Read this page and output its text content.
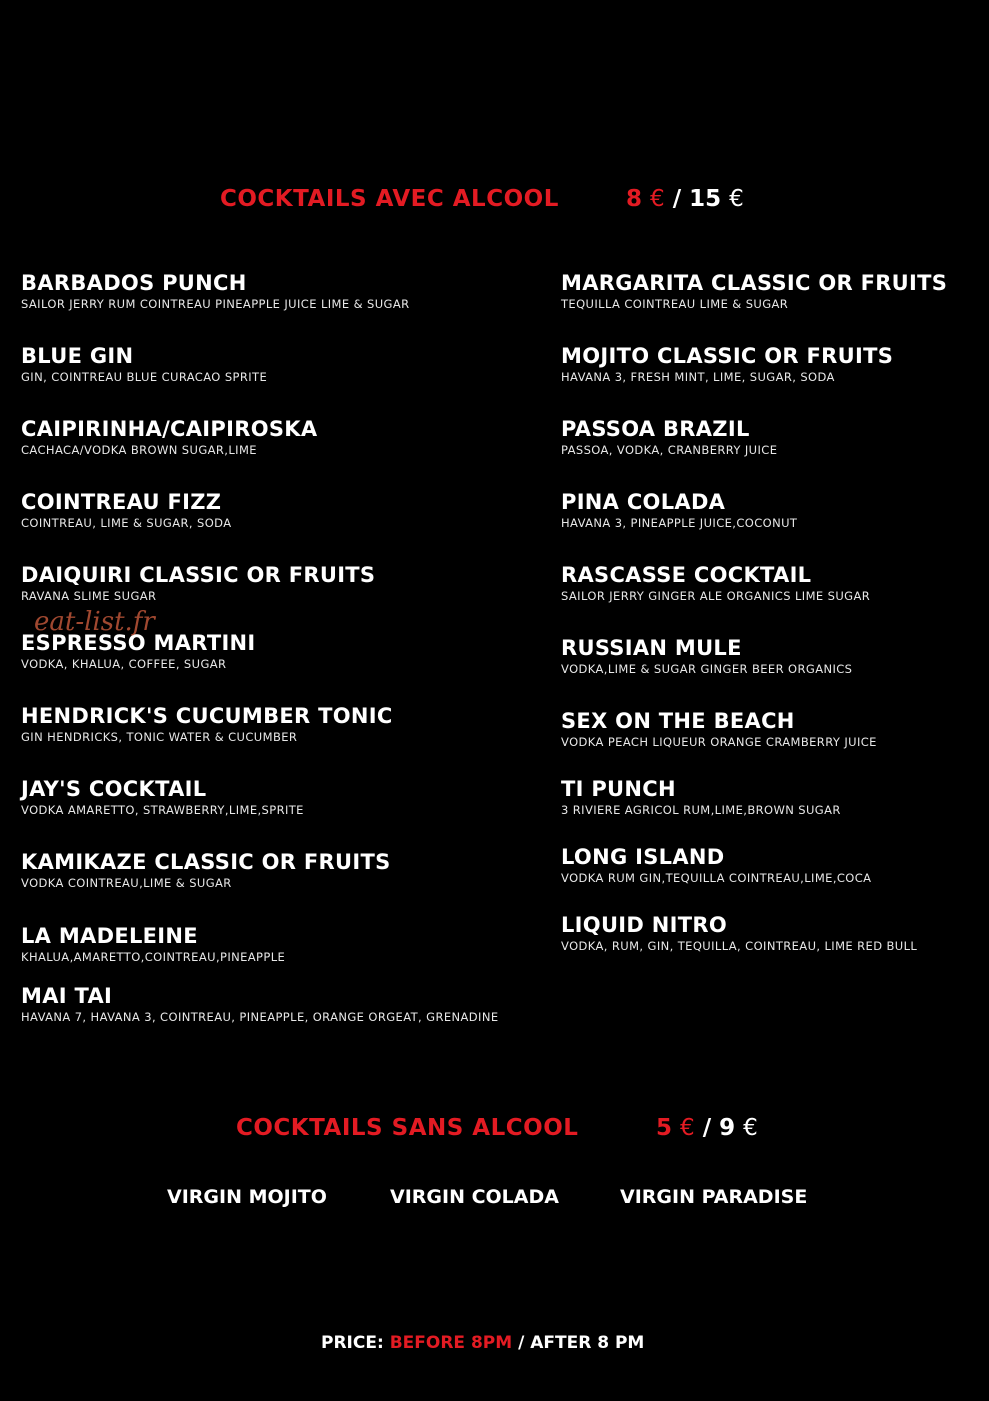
COCKTAILS AVEC ALCOOL	8 € / 15 €
BARBADOS PUNCH
SAILOR JERRY RUM COINTREAU PINEAPPLE JUICE LIME & SUGAR
BLUE GIN
GIN, COINTREAU BLUE CURACAO SPRITE
CAIPIRINHA/CAIPIROSKA
CACHACA/VODKA BROWN SUGAR,LIME
COINTREAU FIZZ
COINTREAU, LIME & SUGAR, SODA
DAIQUIRI CLASSIC OR FRUITS
RAVANA SLIME SUGAR
ESPRESSO MARTINI
VODKA, KHALUA, COFFEE, SUGAR
HENDRICK'S CUCUMBER TONIC
GIN HENDRICKS, TONIC WATER & CUCUMBER
JAY'S COCKTAIL
VODKA AMARETTO, STRAWBERRY,LIME,SPRITE
KAMIKAZE CLASSIC OR FRUITS
VODKA COINTREAU,LIME & SUGAR
LA MADELEINE
KHALUA,AMARETTO,COINTREAU,PINEAPPLE
MAI TAI
HAVANA 7, HAVANA 3, COINTREAU, PINEAPPLE, ORANGE ORGEAT, GRENADINE
MARGARITA CLASSIC OR FRUITS
TEQUILLA COINTREAU LIME & SUGAR
MOJITO CLASSIC OR FRUITS
HAVANA 3, FRESH MINT, LIME, SUGAR, SODA
PASSOA BRAZIL
PASSOA, VODKA, CRANBERRY JUICE
PINA COLADA
HAVANA 3, PINEAPPLE JUICE,COCONUT
RASCASSE COCKTAIL
SAILOR JERRY GINGER ALE ORGANICS LIME SUGAR
RUSSIAN MULE
VODKA,LIME & SUGAR GINGER BEER ORGANICS
SEX ON THE BEACH
VODKA PEACH LIQUEUR ORANGE CRAMBERRY JUICE
TI PUNCH
3 RIVIERE AGRICOL RUM,LIME,BROWN SUGAR
LONG ISLAND
VODKA RUM GIN,TEQUILLA COINTREAU,LIME,COCA
LIQUID NITRO
VODKA, RUM, GIN, TEQUILLA, COINTREAU, LIME RED BULL
eat-list.fr
COCKTAILS SANS ALCOOL	5 € / 9 €
VIRGIN MOJITO	VIRGIN COLADA	VIRGIN PARADISE
PRICE: BEFORE 8PM / AFTER 8 PM
